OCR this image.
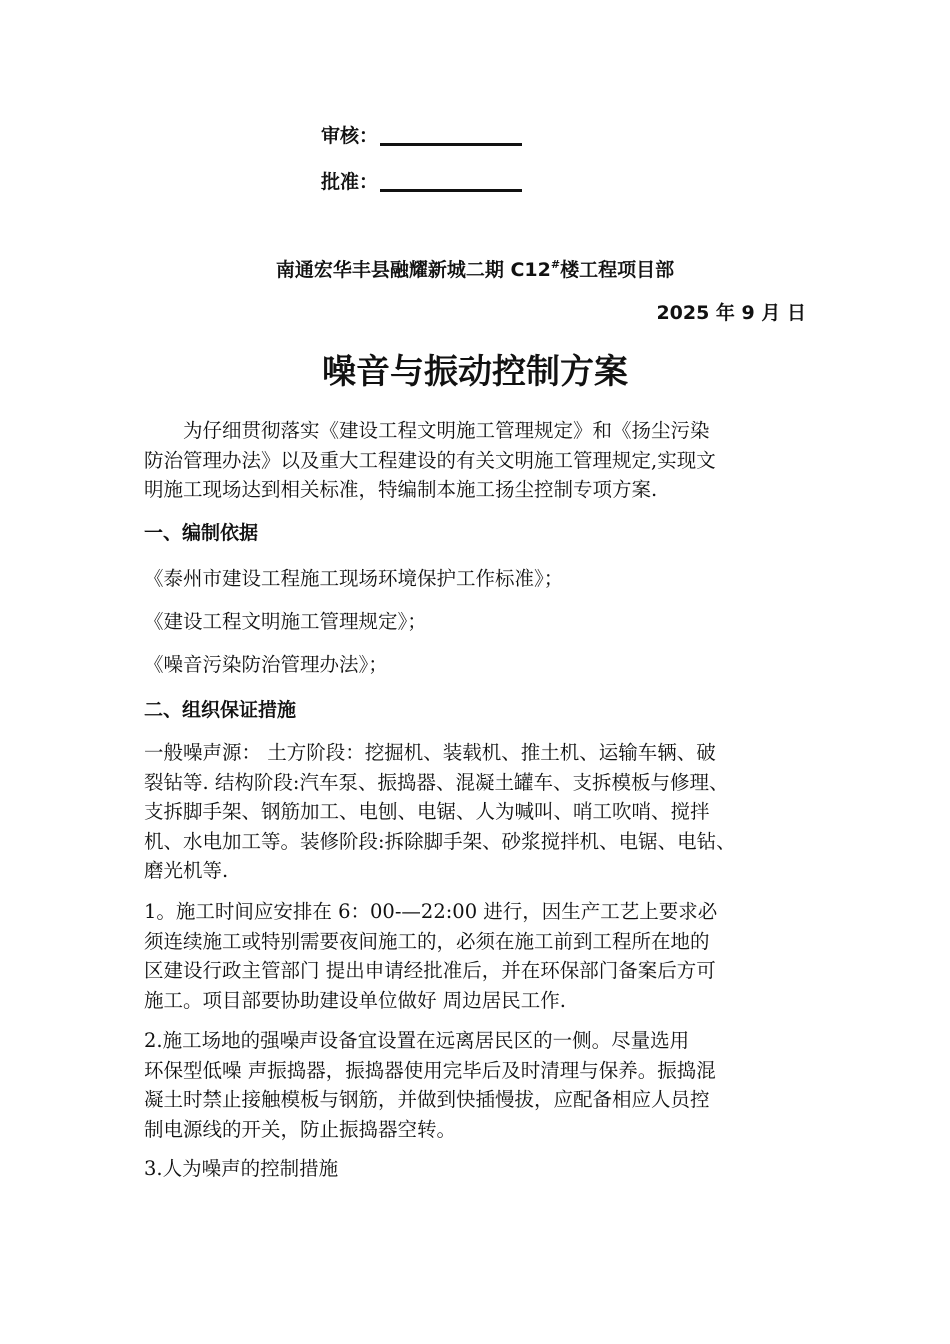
审核：
批准：
南通宏华丰县融耀新城二期 C12#楼工程项目部
2025 年 9 月 日
噪音与振动控制方案
　　为仔细贯彻落实《建设工程文明施工管理规定》和《扬尘污染
防治管理办法》以及重大工程建设的有关文明施工管理规定,实现文
明施工现场达到相关标准，特编制本施工扬尘控制专项方案.
一、编制依据
《泰州市建设工程施工现场环境保护工作标准》；
《建设工程文明施工管理规定》；
《噪音污染防治管理办法》；
二、组织保证措施
一般噪声源： 土方阶段：挖掘机、装载机、推土机、运输车辆、破
裂钻等. 结构阶段:汽车泵、振捣器、混凝土罐车、支拆模板与修理、
支拆脚手架、钢筋加工、电刨、电锯、人为喊叫、哨工吹哨、搅拌
机、水电加工等。装修阶段:拆除脚手架、砂浆搅拌机、电锯、电钻、
磨光机等.
1。施工时间应安排在 6：00-—22:00 进行，因生产工艺上要求必
须连续施工或特别需要夜间施工的，必须在施工前到工程所在地的
区建设行政主管部门 提出申请经批准后，并在环保部门备案后方可
施工。项目部要协助建设单位做好 周边居民工作.
2.施工场地的强噪声设备宜设置在远离居民区的一侧。尽量选用
环保型低噪 声振捣器，振捣器使用完毕后及时清理与保养。振捣混
凝土时禁止接触模板与钢筋，并做到快插慢拔，应配备相应人员控
制电源线的开关，防止振捣器空转。
3.人为噪声的控制措施
